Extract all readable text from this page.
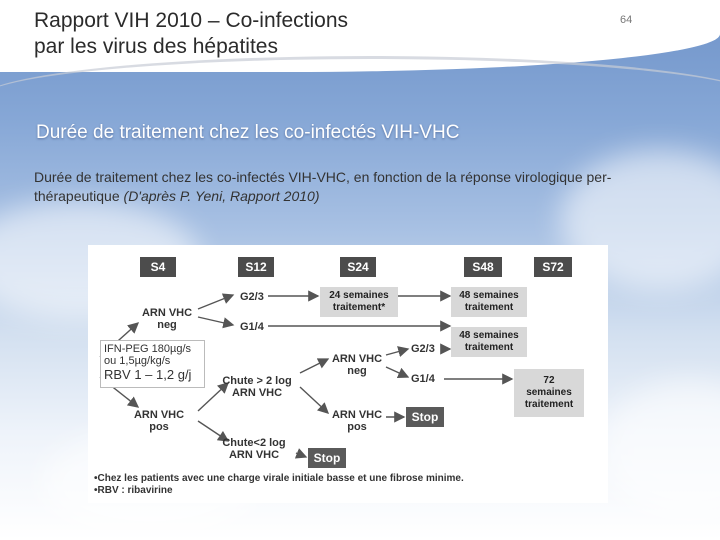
Rapport VIH 2010 – Co-infections
par les virus des hépatites
64
Durée de traitement chez les co-infectés VIH-VHC
Durée de traitement chez les co-infectés VIH-VHC, en fonction de la réponse virologique per-thérapeutique (D'après P. Yeni, Rapport 2010)
S4	S12	S24	S48	S72
ARN VHC
neg
ARN VHC
pos
Chute > 2 log
ARN VHC
Chute<2 log
ARN VHC
ARN VHC
neg
ARN VHC
pos
G2/3
G1/4
G2/3
G1/4
24 semaines
traitement*
48 semaines
traitement
48 semaines
traitement
72
semaines
traitement
Stop
Stop
•Chez les patients avec une charge virale initiale basse et une fibrose minime.
•RBV : ribavirine
IFN-PEG 180µg/s
ou 1,5µg/kg/s
RBV 1 – 1,2 g/j
